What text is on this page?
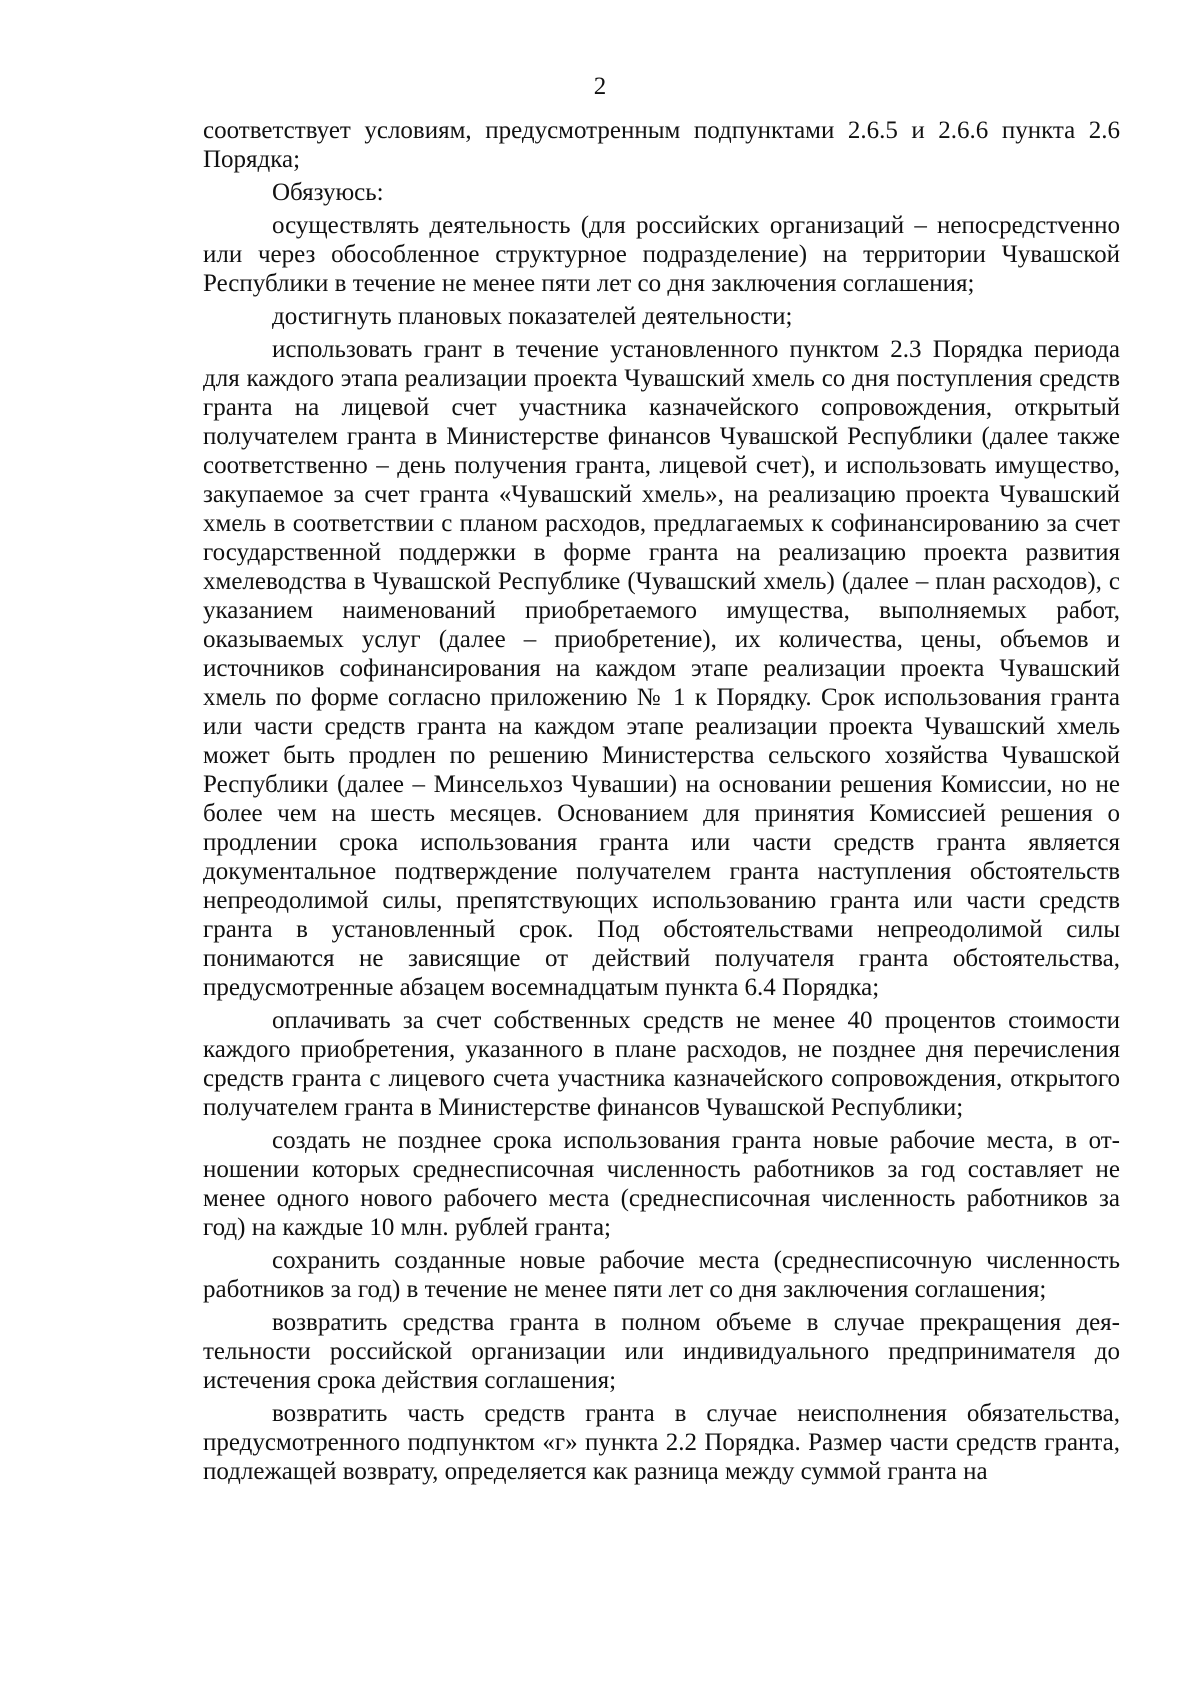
2

соответствует условиям, предусмотренным подпунктами 2.6.5 и 2.6.6 пункта 2.6 Порядка;

Обязуюсь:

осуществлять деятельность (для российских организаций – непосредстvенно или через обособленное структурное подразделение) на территории Чувашской Республики в течение не менее пяти лет со дня заключения соглашения;

достигнуть плановых показателей деятельности;

использовать грант в течение установленного пунктом 2.3 Порядка периода для каждого этапа реализации проекта Чувашский хмель со дня поступления средств гранта на лицевой счет участника казначейского сопровождения, открытый получателем гранта в Министерстве финансов Чувашской Республики (далее также соответственно – день получения гранта, лицевой счет), и использовать имущество, закупаемое за счет гранта «Чувашский хмель», на реализацию проекта Чувашский хмель в соответствии с планом расходов, предлагаемых к софинансированию за счет государственной поддержки в форме гранта на реализацию проекта развития хмелеводства в Чувашской Республике (Чувашский хмель) (далее – план расходов), с указанием наименований приобретаемого имущества, выполняемых работ, оказываемых услуг (далее – приобретение), их количества, цены, объемов и источников софинансирования на каждом этапе реализации проекта Чувашский хмель по форме согласно приложению № 1 к Порядку. Срок использования гранта или части средств гранта на каждом этапе реализации проекта Чувашский хмель может быть продлен по решению Министерства сельского хозяйства Чувашской Республики (далее – Минсельхоз Чувашии) на основании решения Комиссии, но не более чем на шесть месяцев. Основанием для принятия Комиссией решения о продлении срока использования гранта или части средств гранта является документальное подтверждение получателем гранта наступления обстоятельств непреодолимой силы, препятствующих использованию гранта или части средств гранта в установленный срок. Под обстоятельствами непреодолимой силы понимаются не зависящие от действий получателя гранта обстоятельства, предусмотренные абзацем восемнадцатым пункта 6.4 Порядка;

оплачивать за счет собственных средств не менее 40 процентов стоимости каждого приобретения, указанного в плане расходов, не позднее дня перечисления средств гранта с лицевого счета участника казначейского сопровождения, открытого получателем гранта в Министерстве финансов Чувашской Республики;

создать не позднее срока использования гранта новые рабочие места, в отношении которых среднесписочная численность работников за год составляет не менее одного нового рабочего места (среднесписочная численность работников за год) на каждые 10 млн. рублей гранта;

сохранить созданные новые рабочие места (среднесписочную численность работников за год) в течение не менее пяти лет со дня заключения соглашения;

возвратить средства гранта в полном объеме в случае прекращения деятельности российской организации или индивидуального предпринимателя до истечения срока действия соглашения;

возвратить часть средств гранта в случае неисполнения обязательства, предусмотренного подпунктом «г» пункта 2.2 Порядка. Размер части средств гранта, подлежащей возврату, определяется как разница между суммой гранта на
